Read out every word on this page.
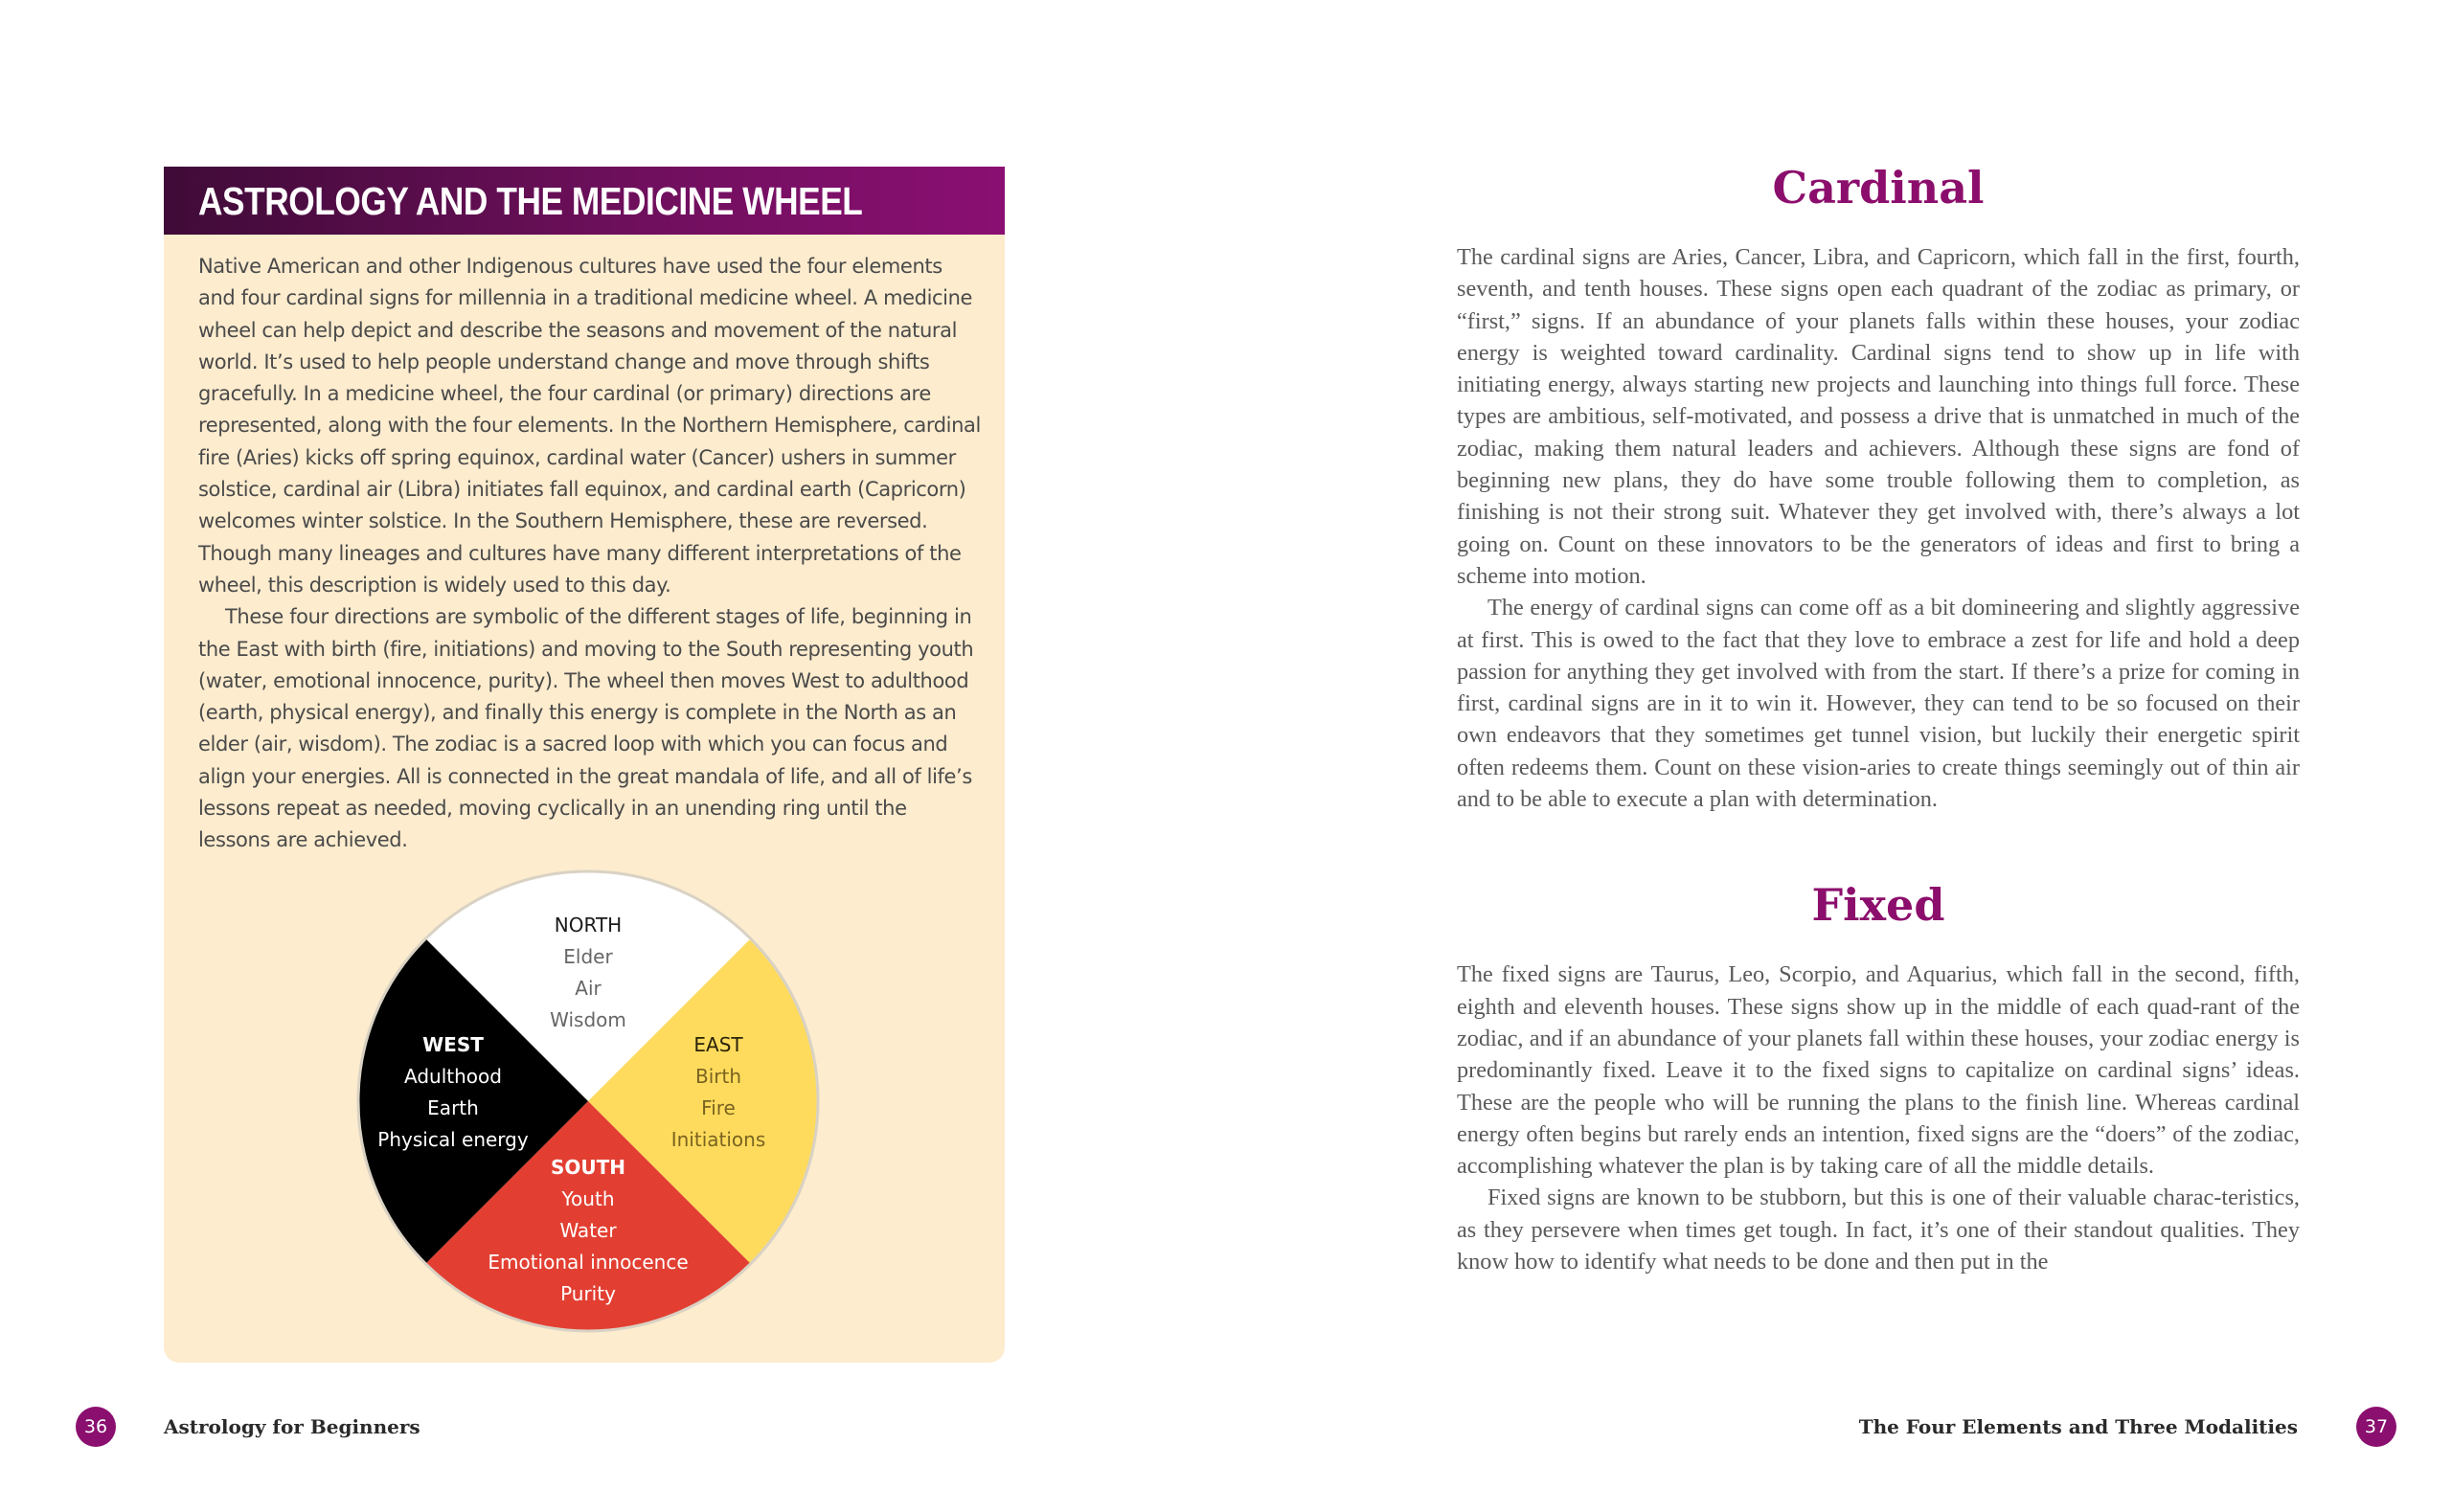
ASTROLOGY AND THE MEDICINE WHEEL

Native American and other Indigenous cultures have used the four elements and four cardinal signs for millennia in a traditional medicine wheel. A medicine wheel can help depict and describe the seasons and movement of the natural world. It’s used to help people understand change and move through shifts gracefully. In a medicine wheel, the four cardinal (or primary) directions are represented, along with the four elements. In the Northern Hemisphere, cardinal fire (Aries) kicks off spring equinox, cardinal water (Cancer) ushers in summer solstice, cardinal air (Libra) initiates fall equinox, and cardinal earth (Capricorn) welcomes winter solstice. In the Southern Hemisphere, these are reversed. Though many lineages and cultures have many different interpretations of the wheel, this description is widely used to this day.

These four directions are symbolic of the different stages of life, beginning in the East with birth (fire, initiations) and moving to the South representing youth (water, emotional innocence, purity). The wheel then moves West to adulthood (earth, physical energy), and finally this energy is complete in the North as an elder (air, wisdom). The zodiac is a sacred loop with which you can focus and align your energies. All is connected in the great mandala of life, and all of life’s lessons repeat as needed, moving cyclically in an unending ring until the lessons are achieved.

NORTH
Elder
Air
Wisdom
WEST
Adulthood
Earth
Physical energy
EAST
Birth
Fire
Initiations
SOUTH
Youth
Water
Emotional innocence
Purity
Cardinal

The cardinal signs are Aries, Cancer, Libra, and Capricorn, which fall in the first, fourth, seventh, and tenth houses. These signs open each quadrant of the zodiac as primary, or “first,” signs. If an abundance of your planets falls within these houses, your zodiac energy is weighted toward cardinality. Cardinal signs tend to show up in life with initiating energy, always starting new projects and launching into things full force. These types are ambitious, self-motivated, and possess a drive that is unmatched in much of the zodiac, making them natural leaders and achievers. Although these signs are fond of beginning new plans, they do have some trouble following them to completion, as finishing is not their strong suit. Whatever they get involved with, there’s always a lot going on. Count on these innovators to be the generators of ideas and first to bring a scheme into motion.

The energy of cardinal signs can come off as a bit domineering and slightly aggressive at first. This is owed to the fact that they love to embrace a zest for life and hold a deep passion for anything they get involved with from the start. If there’s a prize for coming in first, cardinal signs are in it to win it. However, they can tend to be so focused on their own endeavors that they sometimes get tunnel vision, but luckily their energetic spirit often redeems them. Count on these vision-aries to create things seemingly out of thin air and to be able to execute a plan with determination.

Fixed

The fixed signs are Taurus, Leo, Scorpio, and Aquarius, which fall in the second, fifth, eighth and eleventh houses. These signs show up in the middle of each quad-rant of the zodiac, and if an abundance of your planets fall within these houses, your zodiac energy is predominantly fixed. Leave it to the fixed signs to capitalize on cardinal signs’ ideas. These are the people who will be running the plans to the finish line. Whereas cardinal energy often begins but rarely ends an intention, fixed signs are the “doers” of the zodiac, accomplishing whatever the plan is by taking care of all the middle details.

Fixed signs are known to be stubborn, but this is one of their valuable charac-teristics, as they persevere when times get tough. In fact, it’s one of their standout qualities. They know how to identify what needs to be done and then put in the

36	Astrology for Beginners	The Four Elements and Three Modalities	37
